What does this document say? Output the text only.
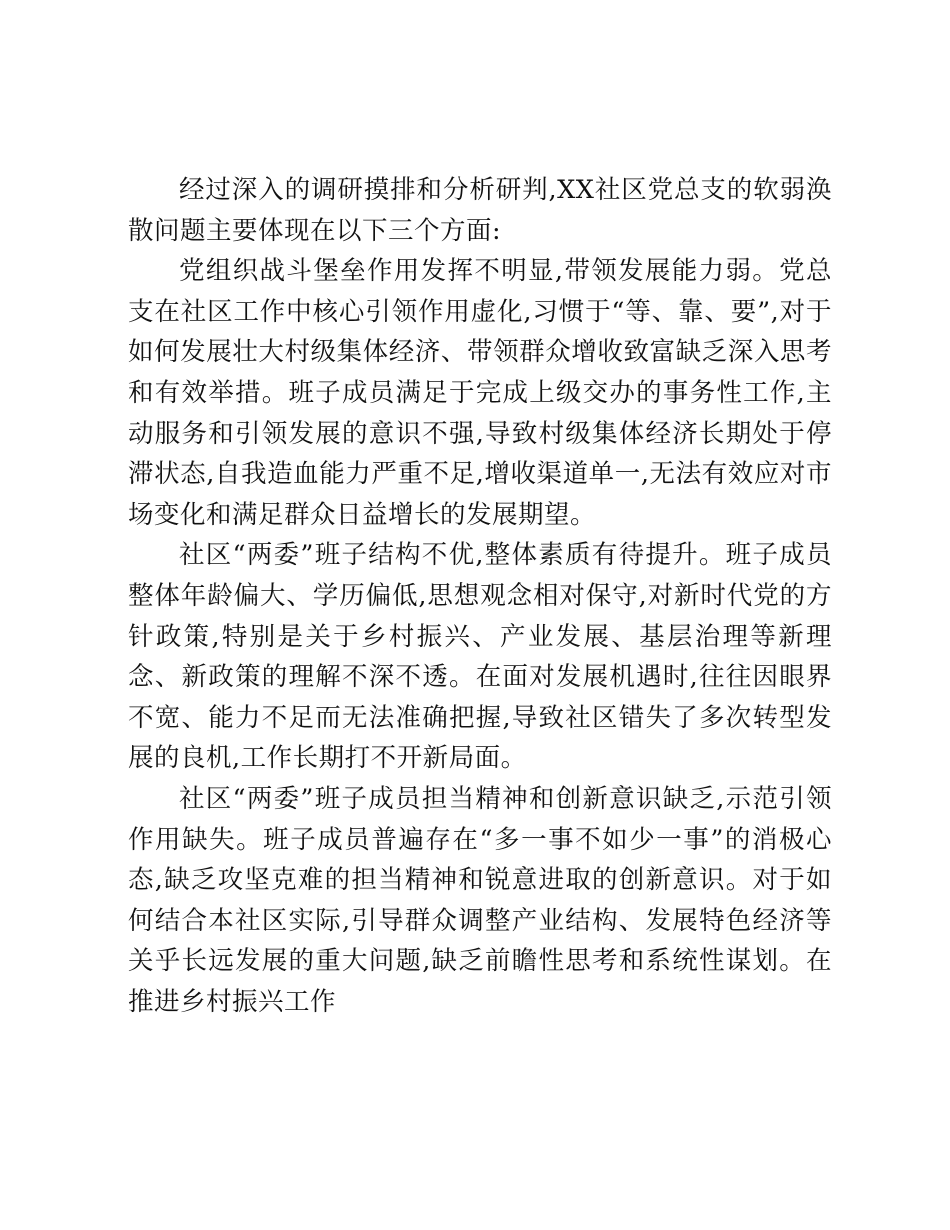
经过深入的调研摸排和分析研判,XX社区党总支的软弱涣散问题主要体现在以下三个方面:

党组织战斗堡垒作用发挥不明显,带领发展能力弱。党总支在社区工作中核心引领作用虚化,习惯于“等、靠、要”,对于如何发展壮大村级集体经济、带领群众增收致富缺乏深入思考和有效举措。班子成员满足于完成上级交办的事务性工作,主动服务和引领发展的意识不强,导致村级集体经济长期处于停滞状态,自我造血能力严重不足,增收渠道单一,无法有效应对市场变化和满足群众日益增长的发展期望。

社区“两委”班子结构不优,整体素质有待提升。班子成员整体年龄偏大、学历偏低,思想观念相对保守,对新时代党的方针政策,特别是关于乡村振兴、产业发展、基层治理等新理念、新政策的理解不深不透。在面对发展机遇时,往往因眼界不宽、能力不足而无法准确把握,导致社区错失了多次转型发展的良机,工作长期打不开新局面。

社区“两委”班子成员担当精神和创新意识缺乏,示范引领作用缺失。班子成员普遍存在“多一事不如少一事”的消极心态,缺乏攻坚克难的担当精神和锐意进取的创新意识。对于如何结合本社区实际,引导群众调整产业结构、发展特色经济等关乎长远发展的重大问题,缺乏前瞻性思考和系统性谋划。在推进乡村振兴工作
